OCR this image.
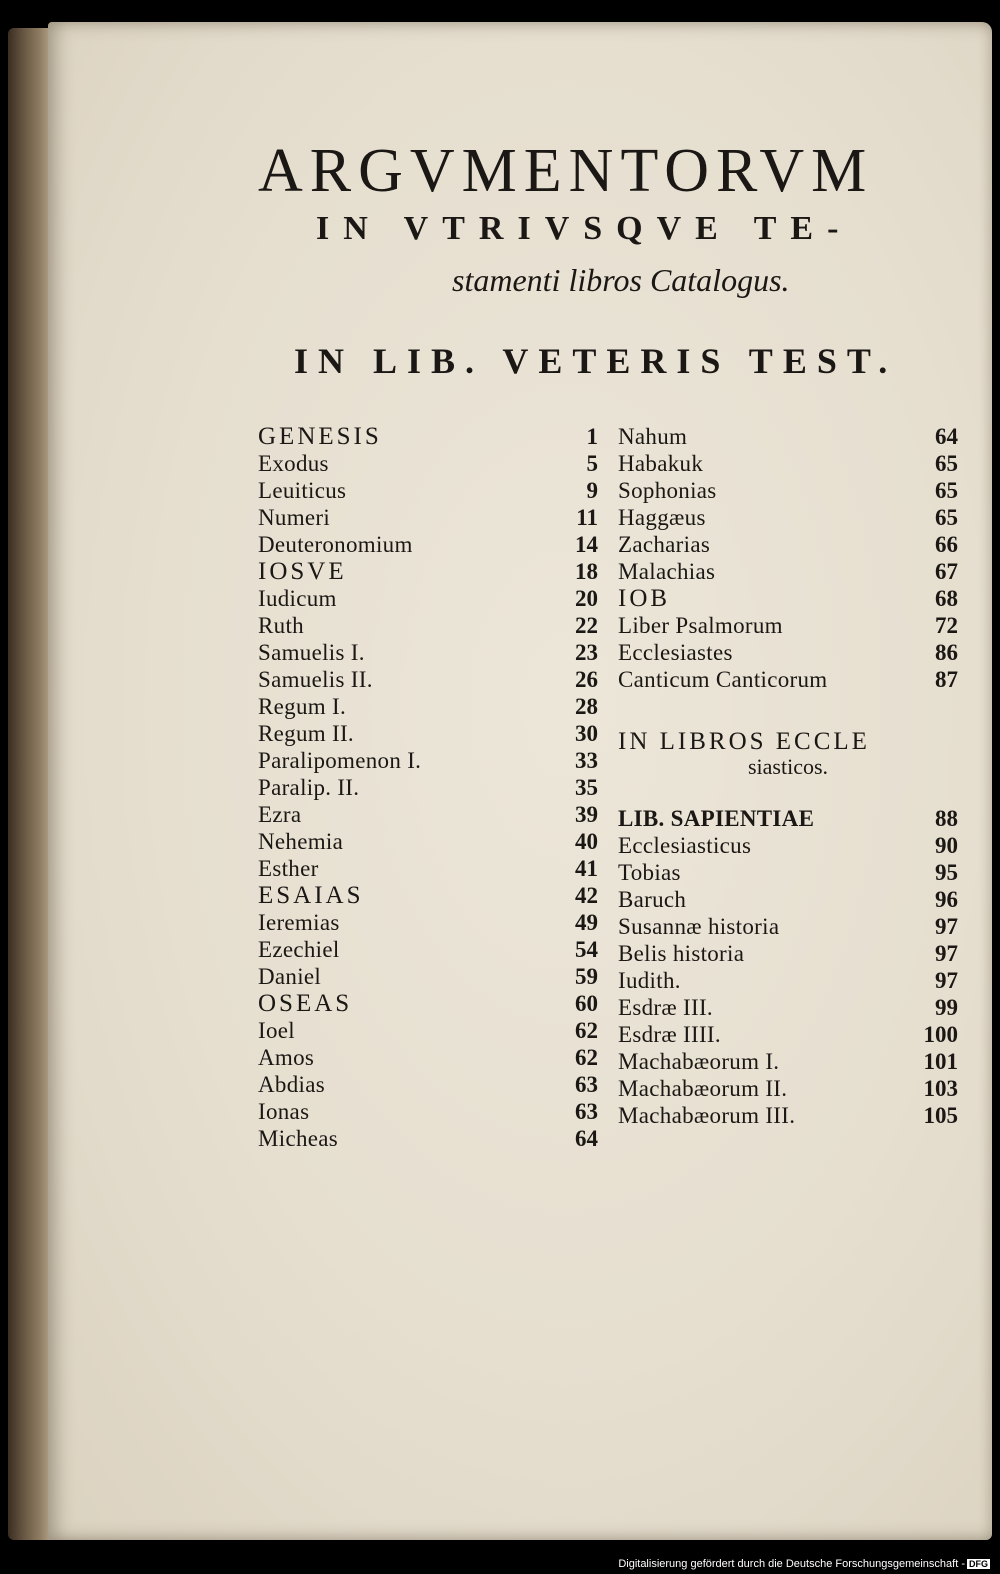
ARGVMENTORVM
IN VTRIVSQVE TE-
stamenti libros Catalogus.
IN LIB. VETERIS TEST.
GENESIS	1
Exodus	5
Leuiticus	9
Numeri	11
Deuteronomium	14
IOSVE	18
Iudicum	20
Ruth	22
Samuelis I.	23
Samuelis II.	26
Regum I.	28
Regum II.	30
Paralipomenon I.	33
Paralip. II.	35
Ezra	39
Nehemia	40
Esther	41
ESAIAS	42
Ieremias	49
Ezechiel	54
Daniel	59
OSEAS	60
Ioel	62
Amos	62
Abdias	63
Ionas	63
Micheas	64
Nahum	64
Habakuk	65
Sophonias	65
Haggæus	65
Zacharias	66
Malachias	67
IOB	68
Liber Psalmorum	72
Ecclesiastes	86
Canticum Canticorum	87
IN LIBROS ECCLE
siasticos.
LIB. SAPIENTIAE	88
Ecclesiasticus	90
Tobias	95
Baruch	96
Susannæ historia	97
Belis historia	97
Iudith.	97
Esdræ III.	99
Esdræ IIII.	100
Machabæorum I.	101
Machabæorum II.	103
Machabæorum III.	105
Digitalisierung gefördert durch die Deutsche Forschungsgemeinschaft - DFG
